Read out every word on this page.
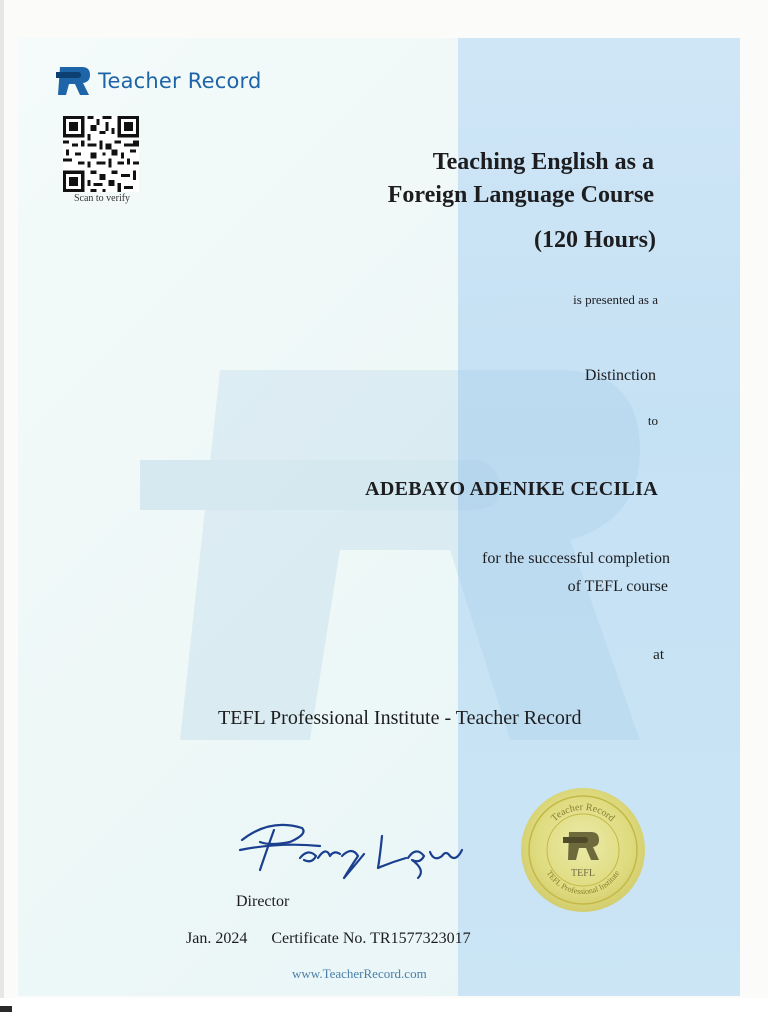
Teacher Record
Scan to verify
Teaching English as a
Foreign Language Course
(120 Hours)
is presented as a
Distinction
to
ADEBAYO ADENIKE CECILIA
for the successful completion
of TEFL course
at
TEFL Professional Institute - Teacher Record
Director
Jan. 2024 Certificate No. TR1577323017
www.TeacherRecord.com
Teacher Record
TEFL Professional Institute
TEFL
